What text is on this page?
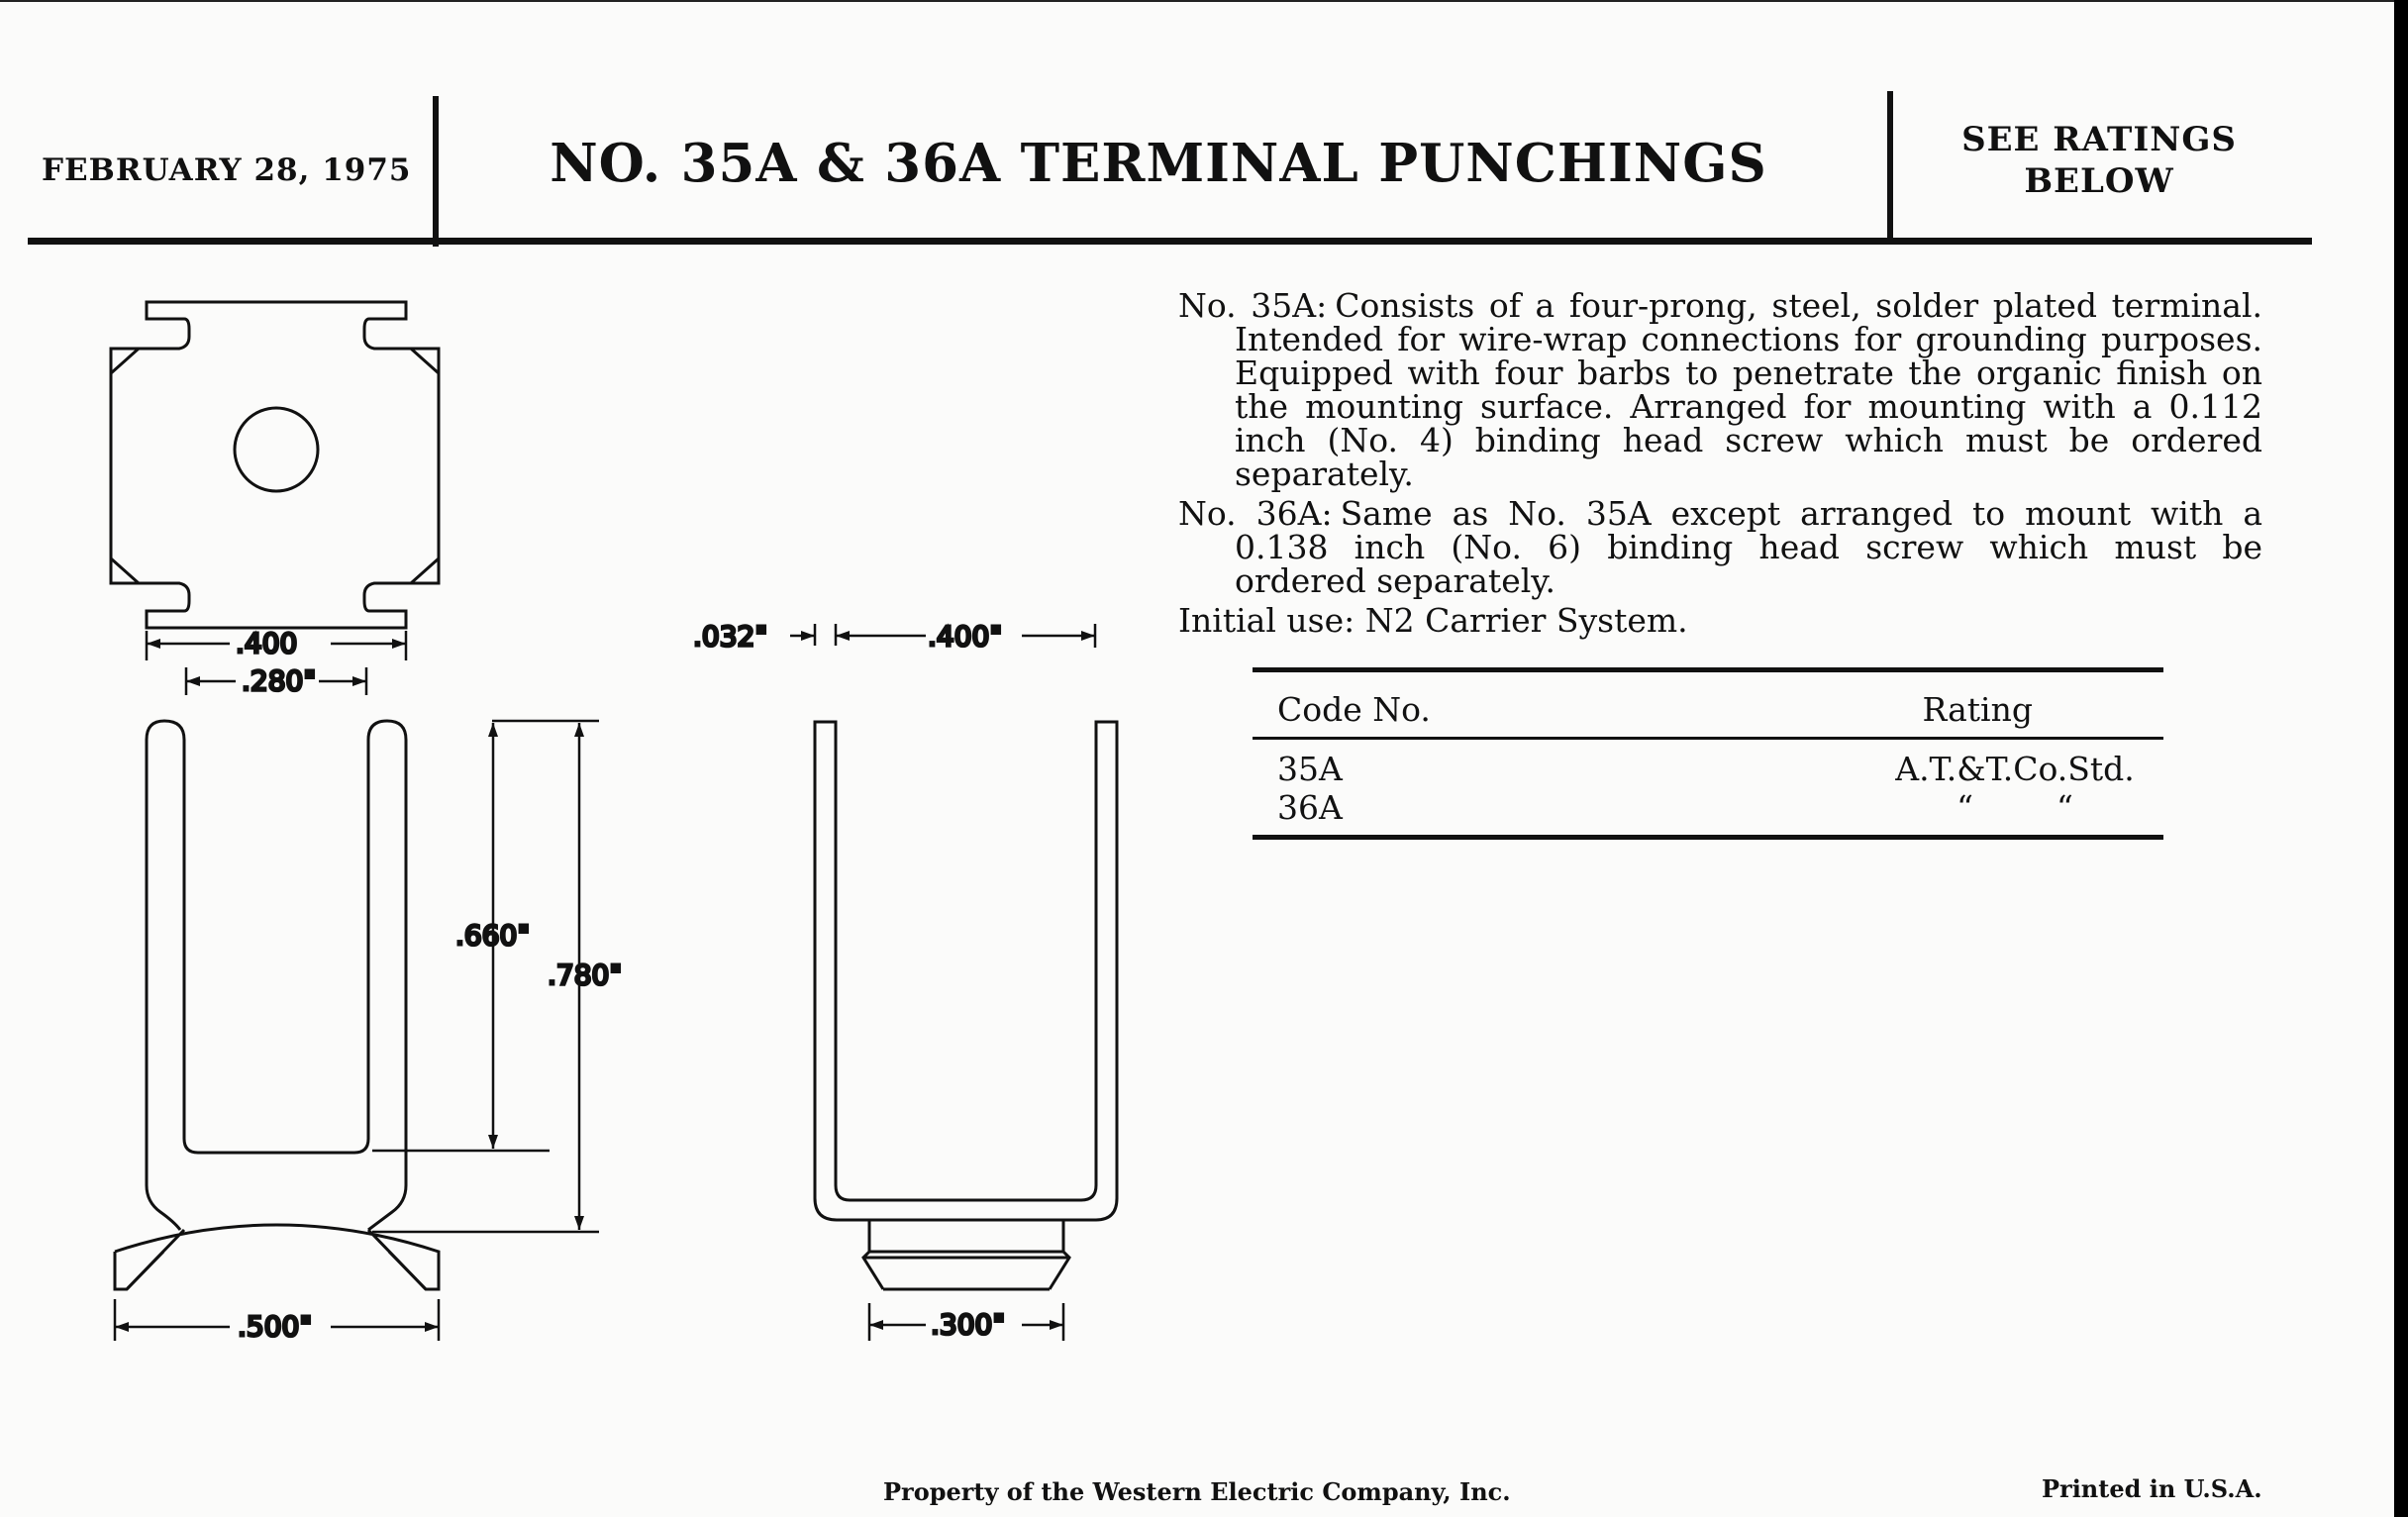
FEBRUARY 28, 1975	NO. 35A & 36A TERMINAL PUNCHINGS	SEE RATINGS
BELOW
.400
.280"
.660"
.780"
.500"
.032"	.400"
.300"

No. 35A: Consists of a four-prong, steel, solder plated terminal. Intended for wire-wrap connections for grounding purposes. Equipped with four barbs to penetrate the organic finish on the mounting surface. Arranged for mounting with a 0.112 inch (No. 4) binding head screw which must be ordered separately.

No. 36A: Same as No. 35A except arranged to mount with a 0.138 inch (No. 6) binding head screw which must be ordered separately.

Initial use: N2 Carrier System.
Code No.	Rating
35A	A.T.&T.Co.Std.
36A	“        “
Property of the Western Electric Company, Inc.	Printed in U.S.A.
